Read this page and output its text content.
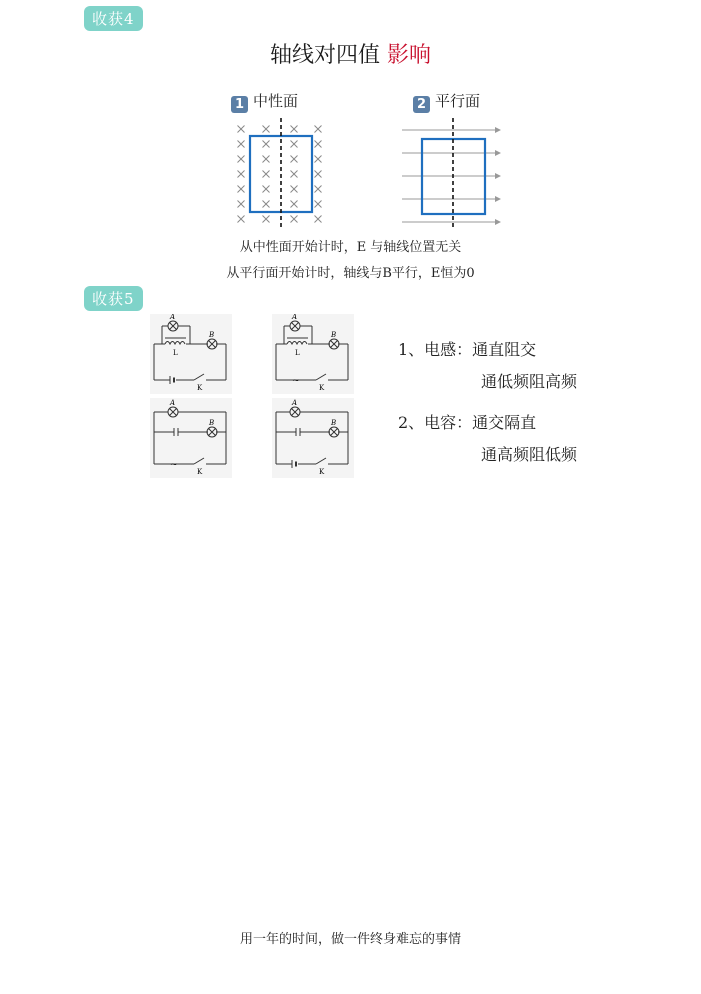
收获4
轴线对四值 影响
1 中性面	2 平行面
从中性面开始计时，E 与轴线位置无关
从平行面开始计时，轴线与B平行，E恒为0
收获5
A
B
L
K
A
B
L
~
K
A
B
~
K
A
B
K
1、电感：通直阻交
通低频阻高频
2、电容：通交隔直
通高频阻低频
用一年的时间，做一件终身难忘的事情
